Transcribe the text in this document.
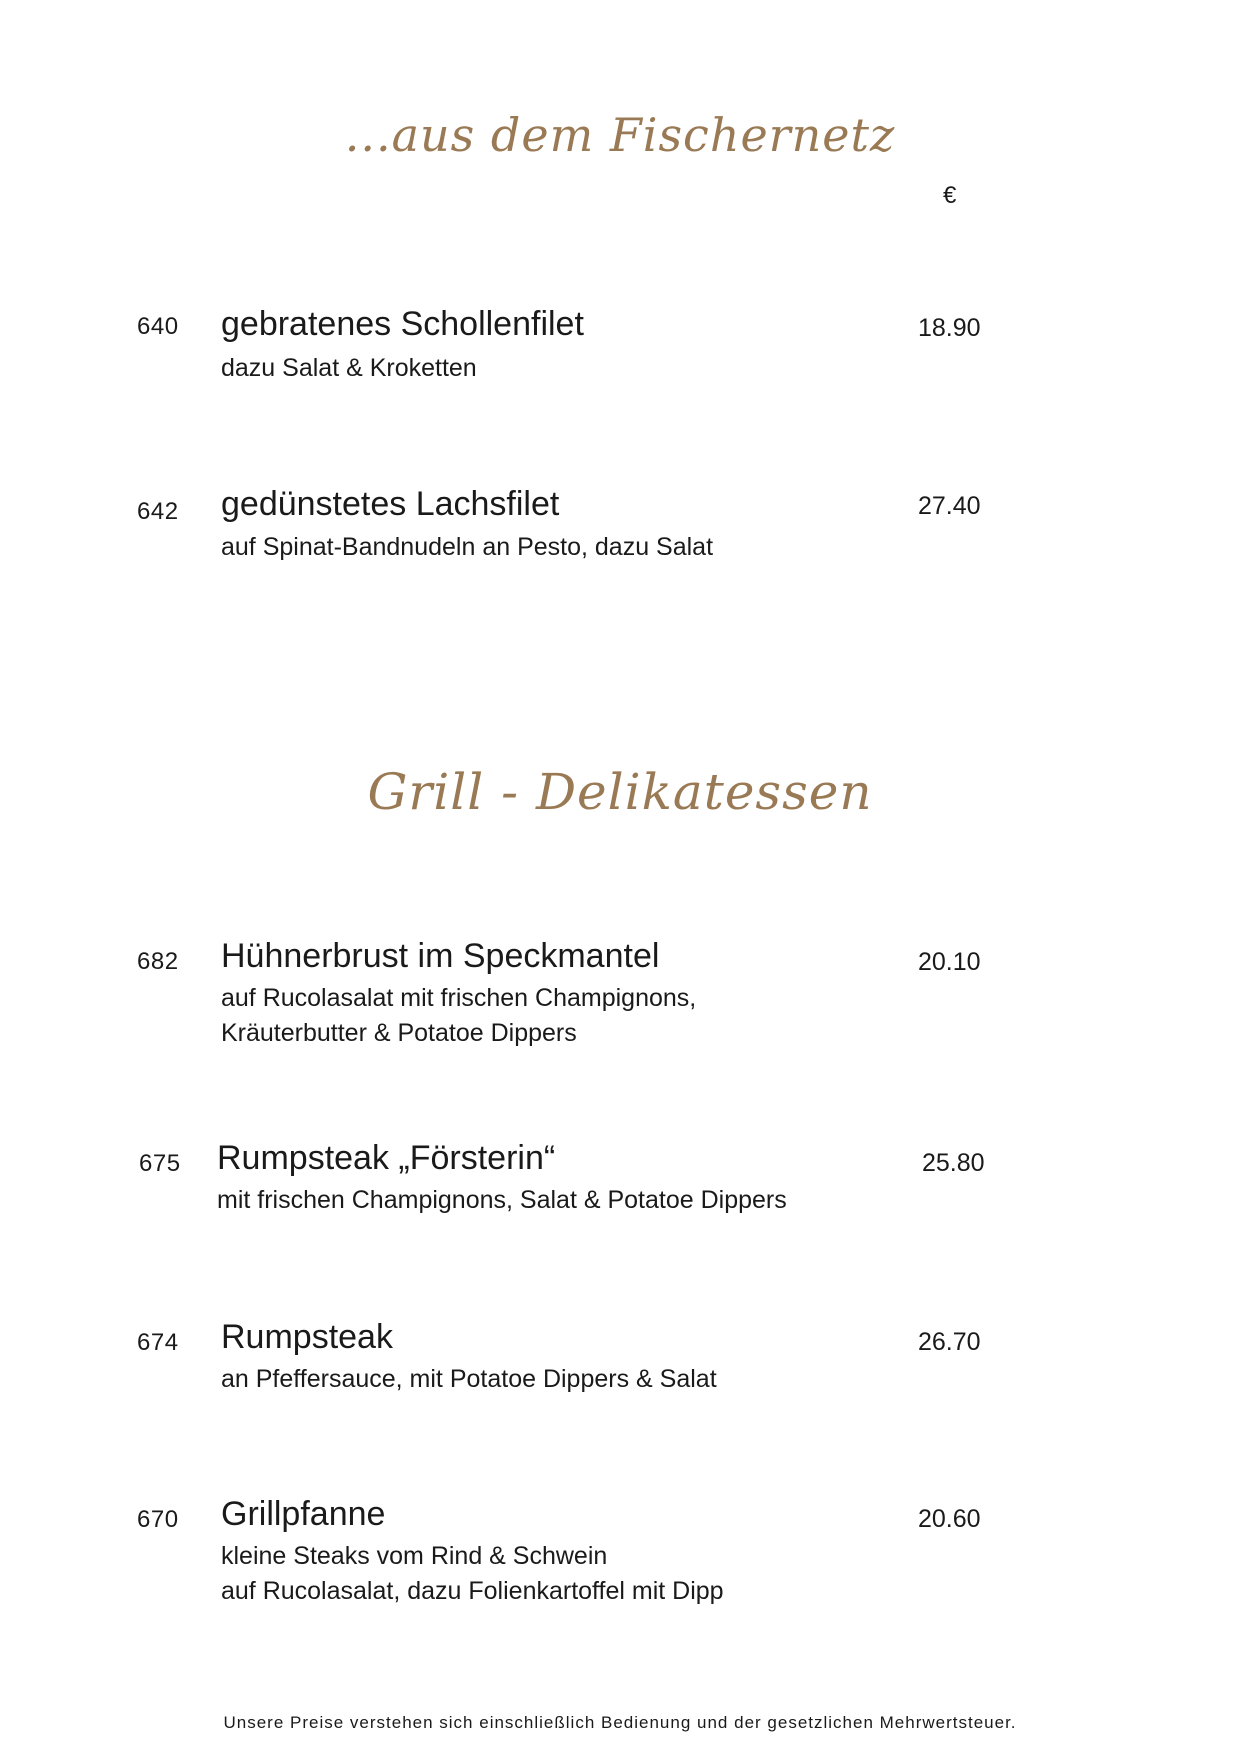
...aus dem Fischernetz
€
640 gebratenes Schollenfilet	18.90
dazu Salat & Kroketten
642 gedünstetes Lachsfilet	27.40
auf Spinat-Bandnudeln an Pesto, dazu Salat
Grill - Delikatessen
682 Hühnerbrust im Speckmantel	20.10
auf Rucolasalat mit frischen Champignons,
Kräuterbutter & Potatoe Dippers
675 Rumpsteak „Försterin“	25.80
mit frischen Champignons, Salat & Potatoe Dippers
674 Rumpsteak	26.70
an Pfeffersauce, mit Potatoe Dippers & Salat
670 Grillpfanne	20.60
kleine Steaks vom Rind & Schwein
auf Rucolasalat, dazu Folienkartoffel mit Dipp
Unsere Preise verstehen sich einschließlich Bedienung und der gesetzlichen Mehrwertsteuer.
